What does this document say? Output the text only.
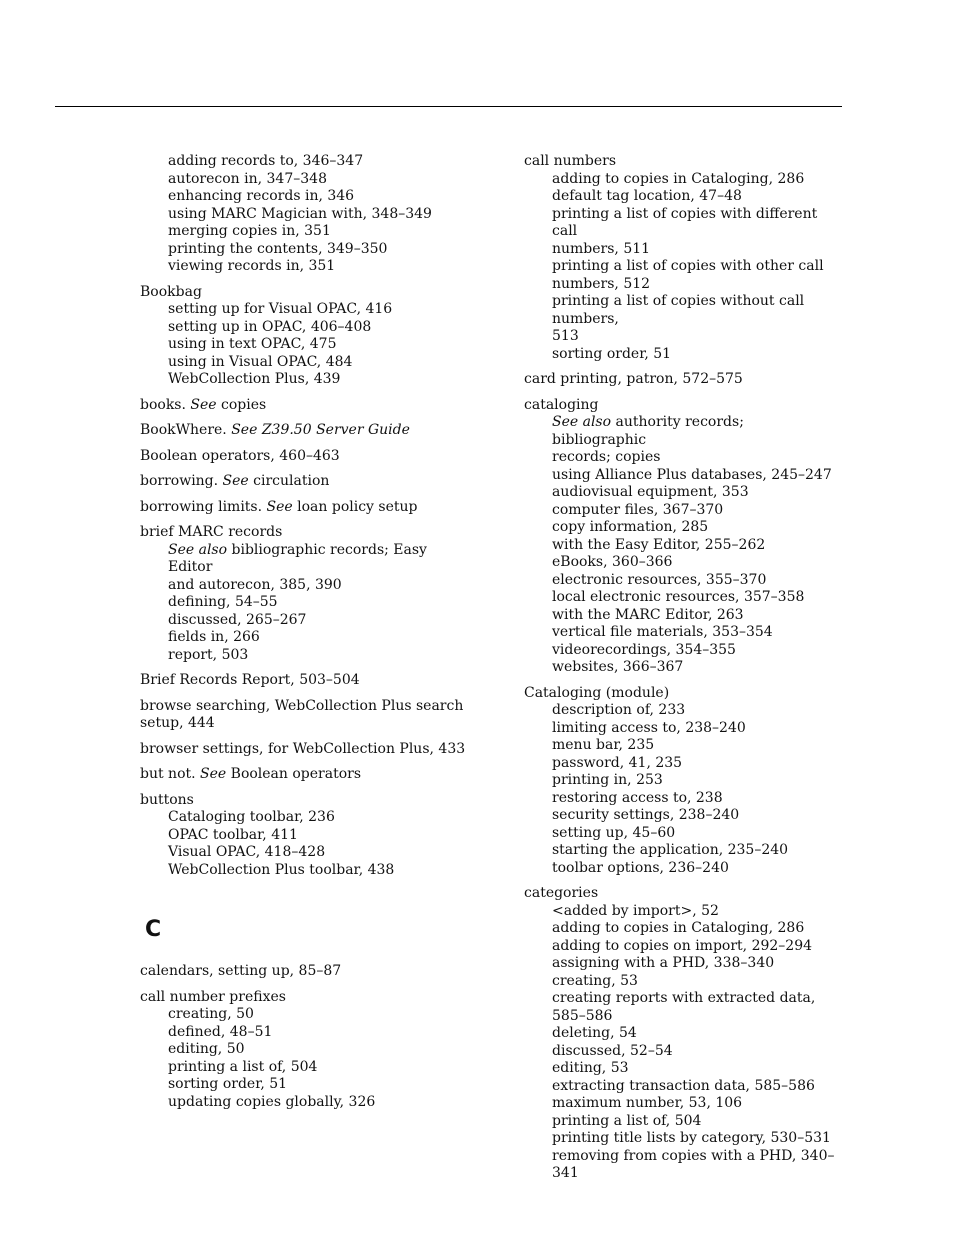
adding records to, 346–347
autorecon in, 347–348
enhancing records in, 346
using MARC Magician with, 348–349
merging copies in, 351
printing the contents, 349–350
viewing records in, 351
Bookbag
setting up for Visual OPAC, 416
setting up in OPAC, 406–408
using in text OPAC, 475
using in Visual OPAC, 484
WebCollection Plus, 439
books. See copies
BookWhere. See Z39.50 Server Guide
Boolean operators, 460–463
borrowing. See circulation
borrowing limits. See loan policy setup
brief MARC records
See also bibliographic records; Easy Editor
and autorecon, 385, 390
defining, 54–55
discussed, 265–267
fields in, 266
report, 503
Brief Records Report, 503–504
browse searching, WebCollection Plus search
setup, 444
browser settings, for WebCollection Plus, 433
but not. See Boolean operators
buttons
Cataloging toolbar, 236
OPAC toolbar, 411
Visual OPAC, 418–428
WebCollection Plus toolbar, 438
C
calendars, setting up, 85–87
call number prefixes
creating, 50
defined, 48–51
editing, 50
printing a list of, 504
sorting order, 51
updating copies globally, 326
call numbers
adding to copies in Cataloging, 286
default tag location, 47–48
printing a list of copies with different call
numbers, 511
printing a list of copies with other call
numbers, 512
printing a list of copies without call numbers,
513
sorting order, 51
card printing, patron, 572–575
cataloging
See also authority records; bibliographic
records; copies
using Alliance Plus databases, 245–247
audiovisual equipment, 353
computer files, 367–370
copy information, 285
with the Easy Editor, 255–262
eBooks, 360–366
electronic resources, 355–370
local electronic resources, 357–358
with the MARC Editor, 263
vertical file materials, 353–354
videorecordings, 354–355
websites, 366–367
Cataloging (module)
description of, 233
limiting access to, 238–240
menu bar, 235
password, 41, 235
printing in, 253
restoring access to, 238
security settings, 238–240
setting up, 45–60
starting the application, 235–240
toolbar options, 236–240
categories
<added by import>, 52
adding to copies in Cataloging, 286
adding to copies on import, 292–294
assigning with a PHD, 338–340
creating, 53
creating reports with extracted data, 585–586
deleting, 54
discussed, 52–54
editing, 53
extracting transaction data, 585–586
maximum number, 53, 106
printing a list of, 504
printing title lists by category, 530–531
removing from copies with a PHD, 340–341
